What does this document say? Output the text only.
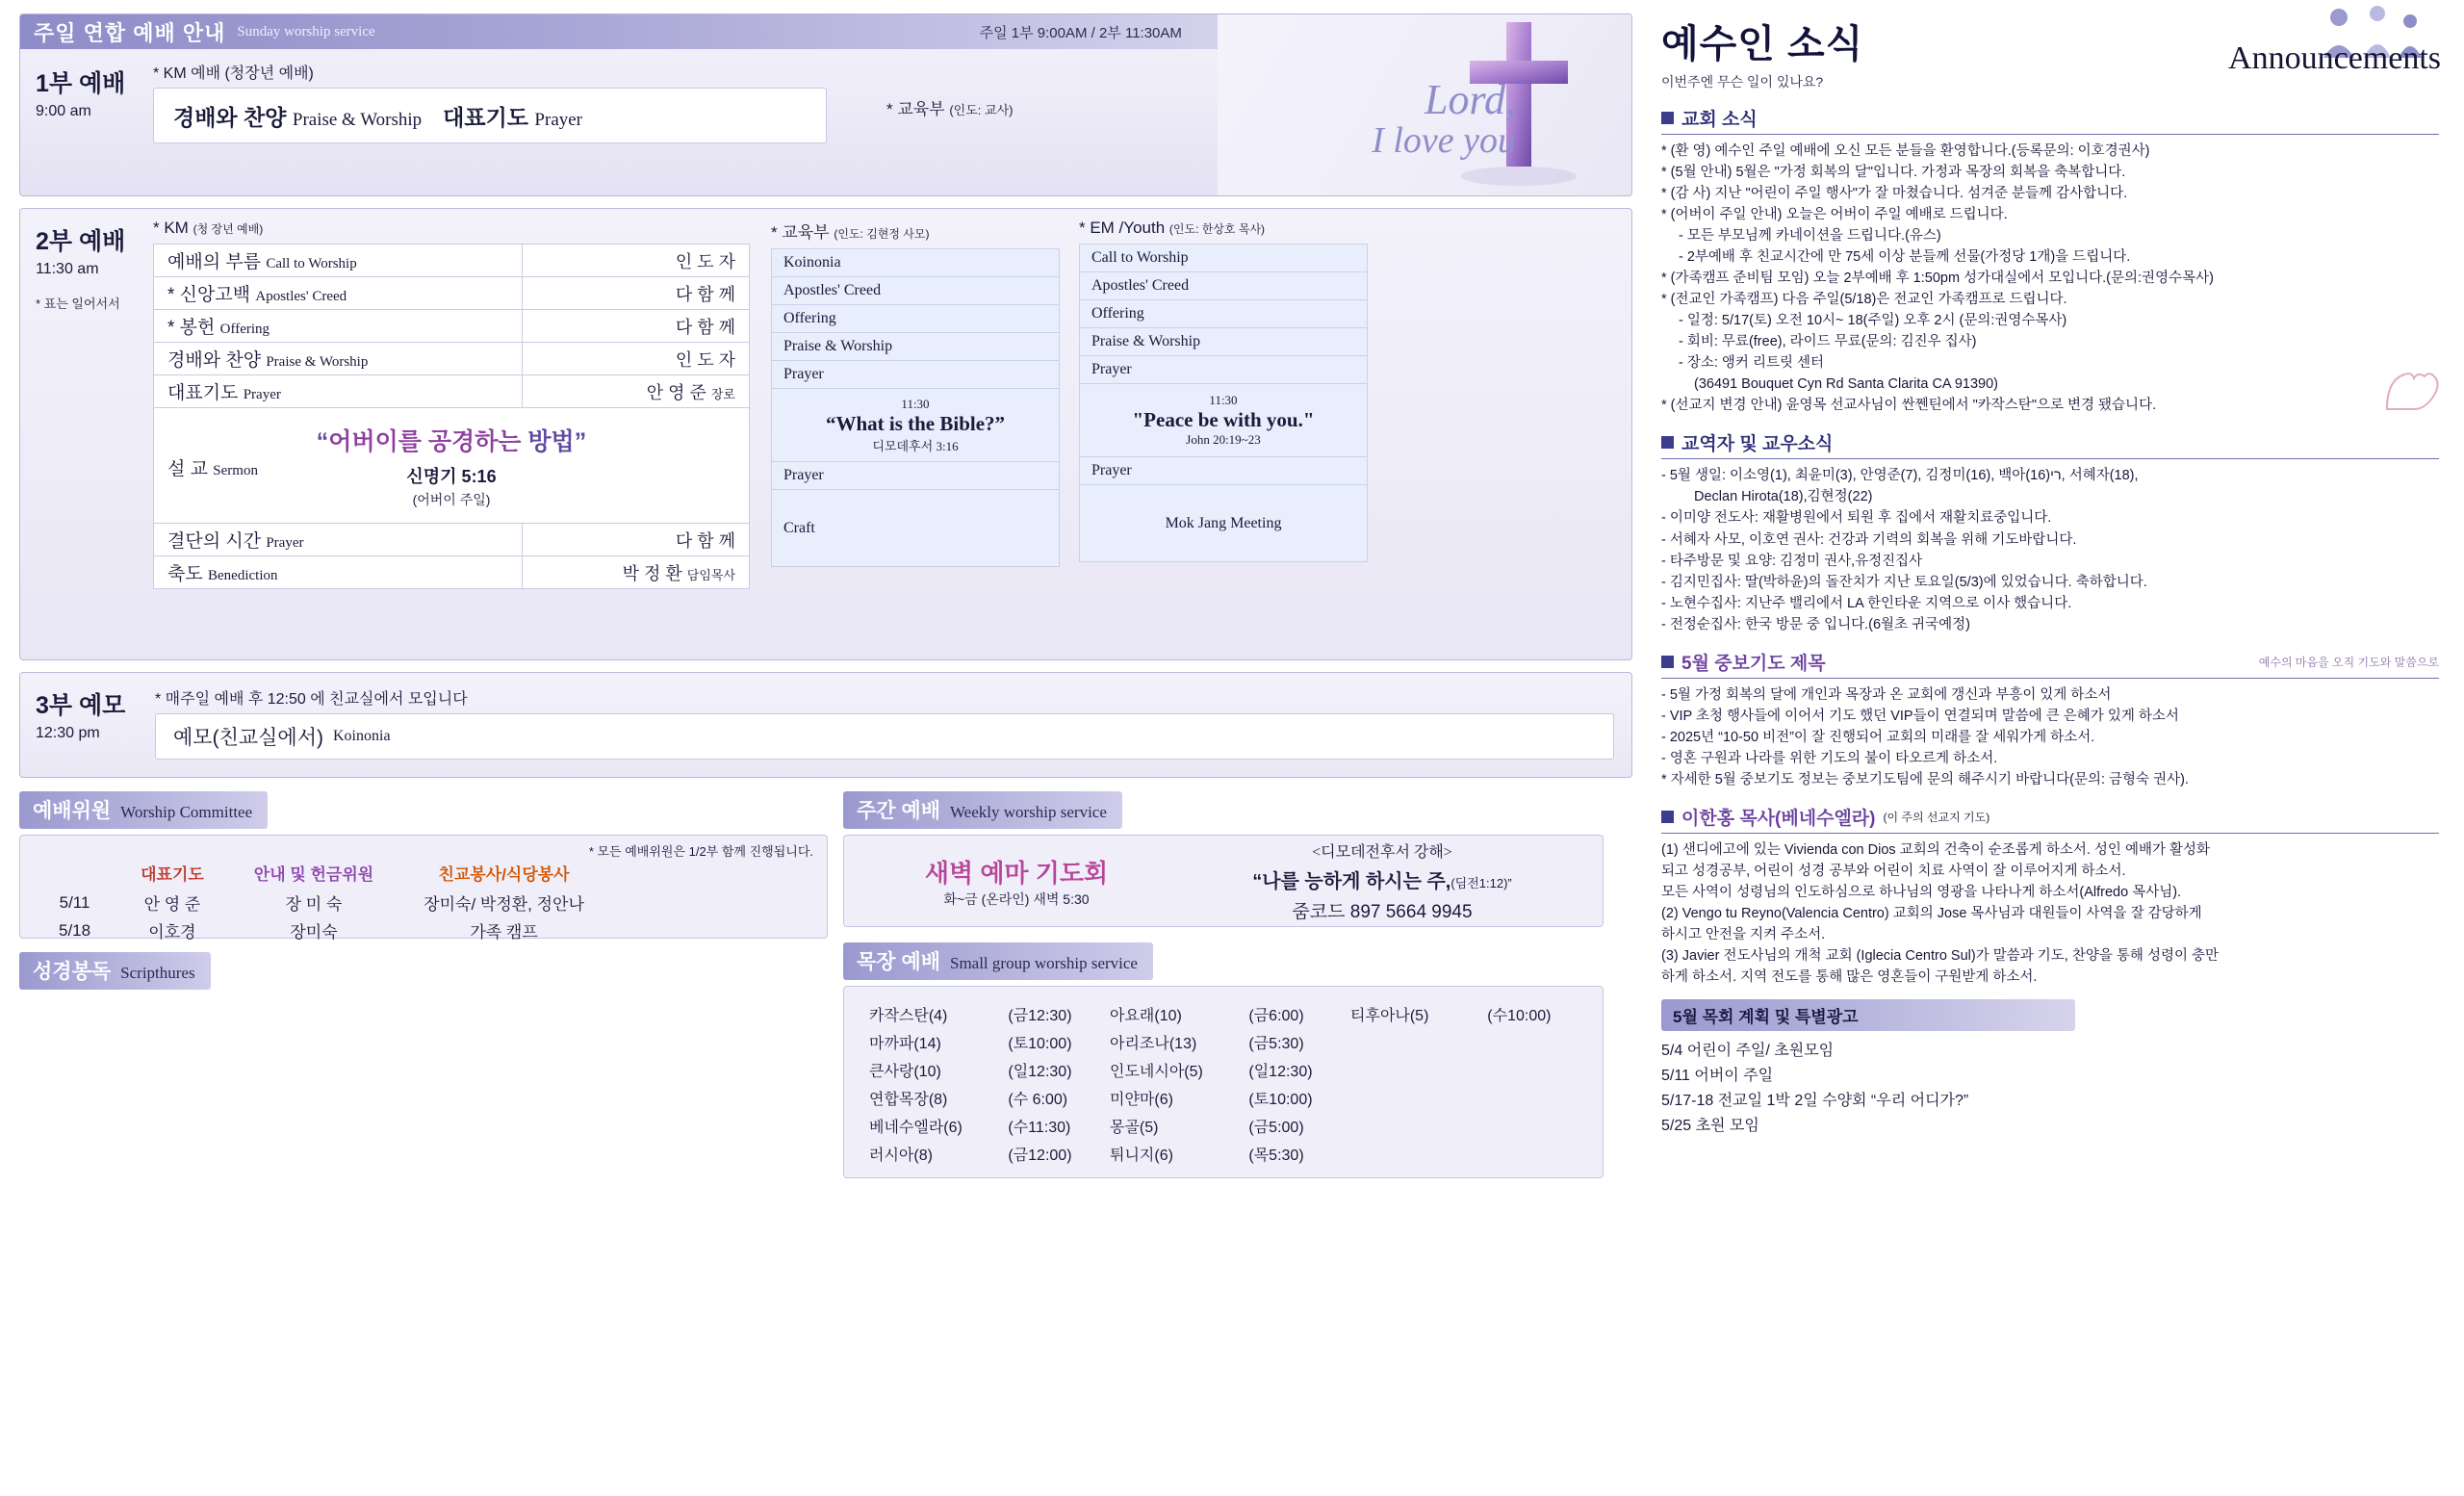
Lord,
I love you
주일 연합 예배 안내 Sunday worship service	주일 1부 9:00AM / 2부 11:30AM
1부 예배
9:00 am
* KM 예배 (청장년 예배)
경배와 찬양 Praise & Worship 대표기도 Prayer	* 교육부 (인도: 교사)
2부 예배
11:30 am
* 표는 일어서서
* KM (청 장년 예배)
예배의 부름 Call to Worship	인 도 자
* 신앙고백 Apostles' Creed	다 함 께
* 봉헌 Offering	다 함 께
경배와 찬양 Praise & Worship	인 도 자
대표기도 Prayer	안 영 준 장로

설 교 Sermon
“어버이를 공경하는 방법”
신명기 5:16
(어버이 주일)	

결단의 시간 Prayer	다 함 께
축도 Benediction	박 정 환 담임목사
* 교육부 (인도: 김현정 사모)
Koinonia
Apostles' Creed
Offering
Praise & Worship
Prayer

11:30
“What is the Bible?”
디모데후서 3:16

Prayer
Craft
* EM /Youth (인도: 한상호 목사)
Call to Worship
Apostles' Creed
Offering
Praise & Worship
Prayer

11:30
"Peace be with you."
John 20:19~23

Prayer
Mok Jang Meeting
3부 예모
12:30 pm
* 매주일 예배 후 12:50 에 친교실에서 모입니다
예모(친교실에서) Koinonia
예배위원 Worship Committee
* 모든 예배위원은 1/2부 함께 진행됩니다.
	대표기도	안내 및 헌금위원	친교봉사/식당봉사
5/11	안 영 준	장 미 숙	장미숙/ 박정환, 정안나
5/18	이호경	장미숙	가족 캠프
성경봉독 Scripthures
주간 예배 Weekly worship service
새벽 예마 기도회
화~금 (온라인) 새벽 5:30
<디모데전후서 강해>
“나를 능하게 하시는 주,(딤전1:12)”
줌코드 897 5664 9945
목장 예배 Small group worship service
카작스탄(4)	(금12:30)	아요래(10)	(금6:00)	티후아나(5)	(수10:00)
마까파(14)	(토10:00)	아리조나(13)	(금5:30)		
큰사랑(10)	(일12:30)	인도네시아(5)	(일12:30)		
연합목장(8)	(수 6:00)	미얀마(6)	(토10:00)		
베네수엘라(6)	(수11:30)	몽골(5)	(금5:00)		
러시아(8)	(금12:00)	튀니지(6)	(목5:30)		
예수인 소식
이번주엔 무슨 일이 있나요?
Announcements
교회 소식
* (환 영) 예수인 주일 예배에 오신 모든 분들을 환영합니다.(등록문의: 이호경권사)
* (5월 안내) 5월은 "가정 회복의 달"입니다. 가정과 목장의 회복을 축복합니다.
* (감 사) 지난 "어린이 주일 행사"가 잘 마쳤습니다. 섬겨준 분들께 감사합니다.
* (어버이 주일 안내) 오늘은 어버이 주일 예배로 드립니다.
- 모든 부모님께 카네이션을 드립니다.(유스)
- 2부예배 후 친교시간에 만 75세 이상 분들께 선물(가정당 1개)을 드립니다.
* (가족캠프 준비팀 모임) 오늘 2부예배 후 1:50pm 성가대실에서 모입니다.(문의:권영수목사)
* (전교인 가족캠프) 다음 주일(5/18)은 전교인 가족캠프로 드립니다.
- 일정: 5/17(토) 오전 10시~ 18(주일) 오후 2시 (문의:권영수목사)
- 회비: 무료(free), 라이드 무료(문의: 김진우 집사)
- 장소: 앵커 리트릿 센터
(36491 Bouquet Cyn Rd Santa Clarita CA 91390)
* (선교지 변경 안내) 윤영목 선교사님이 싼쩬틴에서 "카작스탄"으로 변경 됐습니다.
교역자 및 교우소식
- 5월 생일: 이소영(1), 최윤미(3), 안영준(7), 김정미(16), 백아רי(16), 서혜자(18),
Declan Hirota(18),김현정(22)
- 이미양 전도사: 재활병원에서 퇴원 후 집에서 재활치료중입니다.
- 서혜자 사모, 이호연 권사: 건강과 기력의 회복을 위해 기도바랍니다.
- 타주방문 및 요양: 김정미 권사,유정진집사
- 김지민집사: 딸(박하윤)의 돌잔치가 지난 토요일(5/3)에 있었습니다. 축하합니다.
- 노현수집사: 지난주 밸리에서 LA 한인타운 지역으로 이사 했습니다.
- 전정순집사: 한국 방문 중 입니다.(6월초 귀국예정)
5월 중보기도 제목	예수의 마음을 오직 기도와 말씀으로
- 5월 가정 회복의 달에 개인과 목장과 온 교회에 갱신과 부흥이 있게 하소서
- VIP 초청 행사들에 이어서 기도 했던 VIP들이 연결되며 말씀에 큰 은혜가 있게 하소서
- 2025년 “10-50 비전”이 잘 진행되어 교회의 미래를 잘 세워가게 하소서.
- 영혼 구원과 나라를 위한 기도의 불이 타오르게 하소서.
* 자세한 5월 중보기도 정보는 중보기도팀에 문의 해주시기 바랍니다(문의: 금형숙 권사).
이한홍 목사(베네수엘라) (이 주의 선교지 기도)
(1) 샌디에고에 있는 Vivienda con Dios 교회의 건축이 순조롭게 하소서. 성인 예배가 활성화
되고 성경공부, 어린이 성경 공부와 어린이 치료 사역이 잘 이루어지게 하소서.
모든 사역이 성령님의 인도하심으로 하나님의 영광을 나타나게 하소서(Alfredo 목사님).
(2) Vengo tu Reyno(Valencia Centro) 교회의 Jose 목사님과 대원들이 사역을 잘 감당하게
하시고 안전을 지켜 주소서.
(3) Javier 전도사님의 개척 교회 (Iglecia Centro Sul)가 말씀과 기도, 찬양을 통해 성령이 충만
하게 하소서. 지역 전도를 통해 많은 영혼들이 구원받게 하소서.
5월 목회 계획 및 특별광고
5/4 어린이 주일/ 초원모임
5/11 어버이 주일
5/17-18 전교일 1박 2일 수양회 “우리 어디가?”
5/25 초원 모임
